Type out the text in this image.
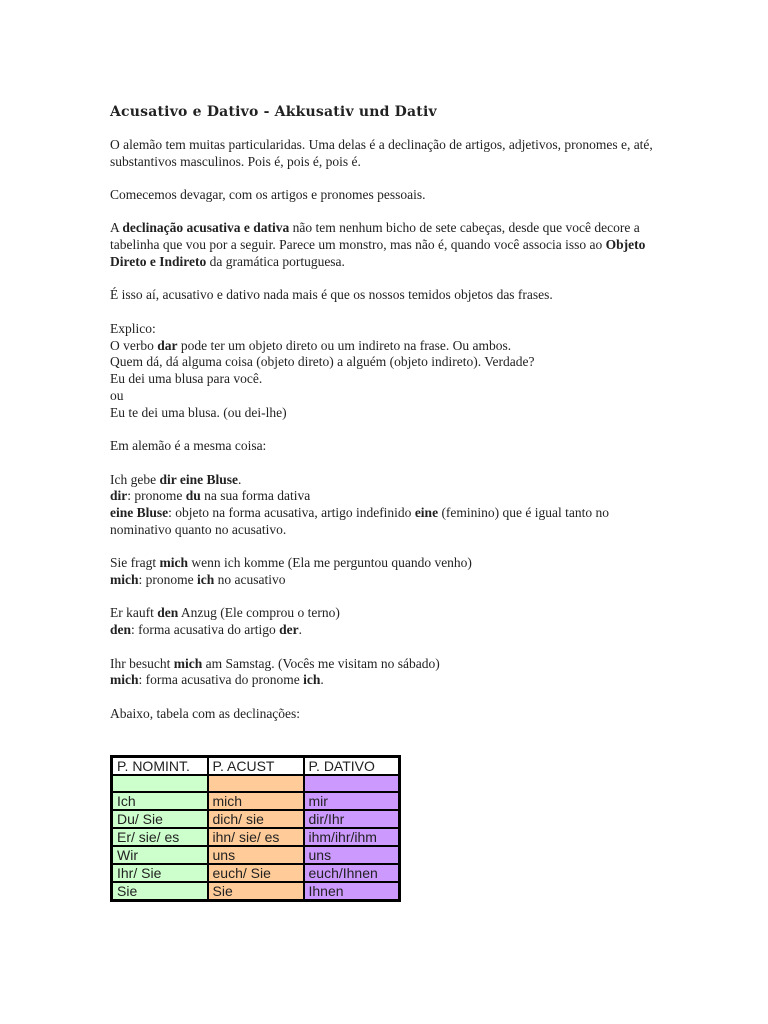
Acusativo e Dativo - Akkusativ und Dativ

O alemão tem muitas particularidas. Uma delas é a declinação de artigos, adjetivos, pronomes e, até, substantivos masculinos. Pois é, pois é, pois é.

Comecemos devagar, com os artigos e pronomes pessoais.

A declinação acusativa e dativa não tem nenhum bicho de sete cabeças, desde que você decore a tabelinha que vou por a seguir. Parece um monstro, mas não é, quando você associa isso ao Objeto Direto e Indireto da gramática portuguesa.

É isso aí, acusativo e dativo nada mais é que os nossos temidos objetos das frases.

Explico:
O verbo dar pode ter um objeto direto ou um indireto na frase. Ou ambos.
Quem dá, dá alguma coisa (objeto direto) a alguém (objeto indireto). Verdade?
Eu dei uma blusa para você.
ou
Eu te dei uma blusa. (ou dei-lhe)

Em alemão é a mesma coisa:

Ich gebe dir eine Bluse.
dir: pronome du na sua forma dativa
eine Bluse: objeto na forma acusativa, artigo indefinido eine (feminino) que é igual tanto no nominativo quanto no acusativo.

Sie fragt mich wenn ich komme (Ela me perguntou quando venho)
mich: pronome ich no acusativo

Er kauft den Anzug (Ele comprou o terno)
den: forma acusativa do artigo der.

Ihr besucht mich am Samstag. (Vocês me visitam no sábado)
mich: forma acusativa do pronome ich.

Abaixo, tabela com as declinações:

P. NOMINT.	P. ACUST	P. DATIVO

Ich	mich	mir
Du/ Sie	dich/ sie	dir/Ihr
Er/ sie/ es	ihn/ sie/ es	ihm/ihr/ihm
Wir	uns	uns
Ihr/ Sie	euch/ Sie	euch/Ihnen
Sie	Sie	Ihnen
